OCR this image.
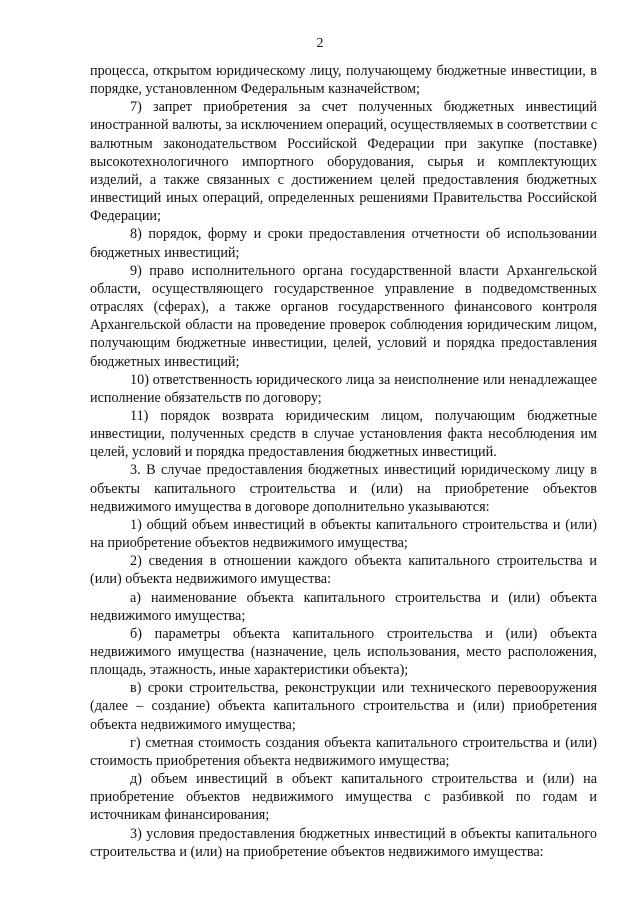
2

процесса, открытом юридическому лицу, получающему бюджетные инвестиции, в порядке, установленном Федеральным казначейством;

7) запрет приобретения за счет полученных бюджетных инвестиций иностранной валюты, за исключением операций, осуществляемых в соответствии с валютным законодательством Российской Федерации при закупке (поставке) высокотехнологичного импортного оборудования, сырья и комплектующих изделий, а также связанных с достижением целей предоставления бюджетных инвестиций иных операций, определенных решениями Правительства Российской Федерации;

8) порядок, форму и сроки предоставления отчетности об использовании бюджетных инвестиций;

9) право исполнительного органа государственной власти Архангельской области, осуществляющего государственное управление в подведомственных отраслях (сферах), а также органов государственного финансового контроля Архангельской области на проведение проверок соблюдения юридическим лицом, получающим бюджетные инвестиции, целей, условий и порядка предоставления бюджетных инвестиций;

10) ответственность юридического лица за неисполнение или ненадлежащее исполнение обязательств по договору;

11) порядок возврата юридическим лицом, получающим бюджетные инвестиции, полученных средств в случае установления факта несоблюдения им целей, условий и порядка предоставления бюджетных инвестиций.

3. В случае предоставления бюджетных инвестиций юридическому лицу в объекты капитального строительства и (или) на приобретение объектов недвижимого имущества в договоре дополнительно указываются:

1) общий объем инвестиций в объекты капитального строительства и (или) на приобретение объектов недвижимого имущества;

2) сведения в отношении каждого объекта капитального строительства и (или) объекта недвижимого имущества:

а) наименование объекта капитального строительства и (или) объекта недвижимого имущества;

б) параметры объекта капитального строительства и (или) объекта недвижимого имущества (назначение, цель использования, место расположения, площадь, этажность, иные характеристики объекта);

в) сроки строительства, реконструкции или технического перевооружения (далее – создание) объекта капитального строительства и (или) приобретения объекта недвижимого имущества;

г) сметная стоимость создания объекта капитального строительства и (или) стоимость приобретения объекта недвижимого имущества;

д) объем инвестиций в объект капитального строительства и (или) на приобретение объектов недвижимого имущества с разбивкой по годам и источникам финансирования;

3) условия предоставления бюджетных инвестиций в объекты капитального строительства и (или) на приобретение объектов недвижимого имущества:
